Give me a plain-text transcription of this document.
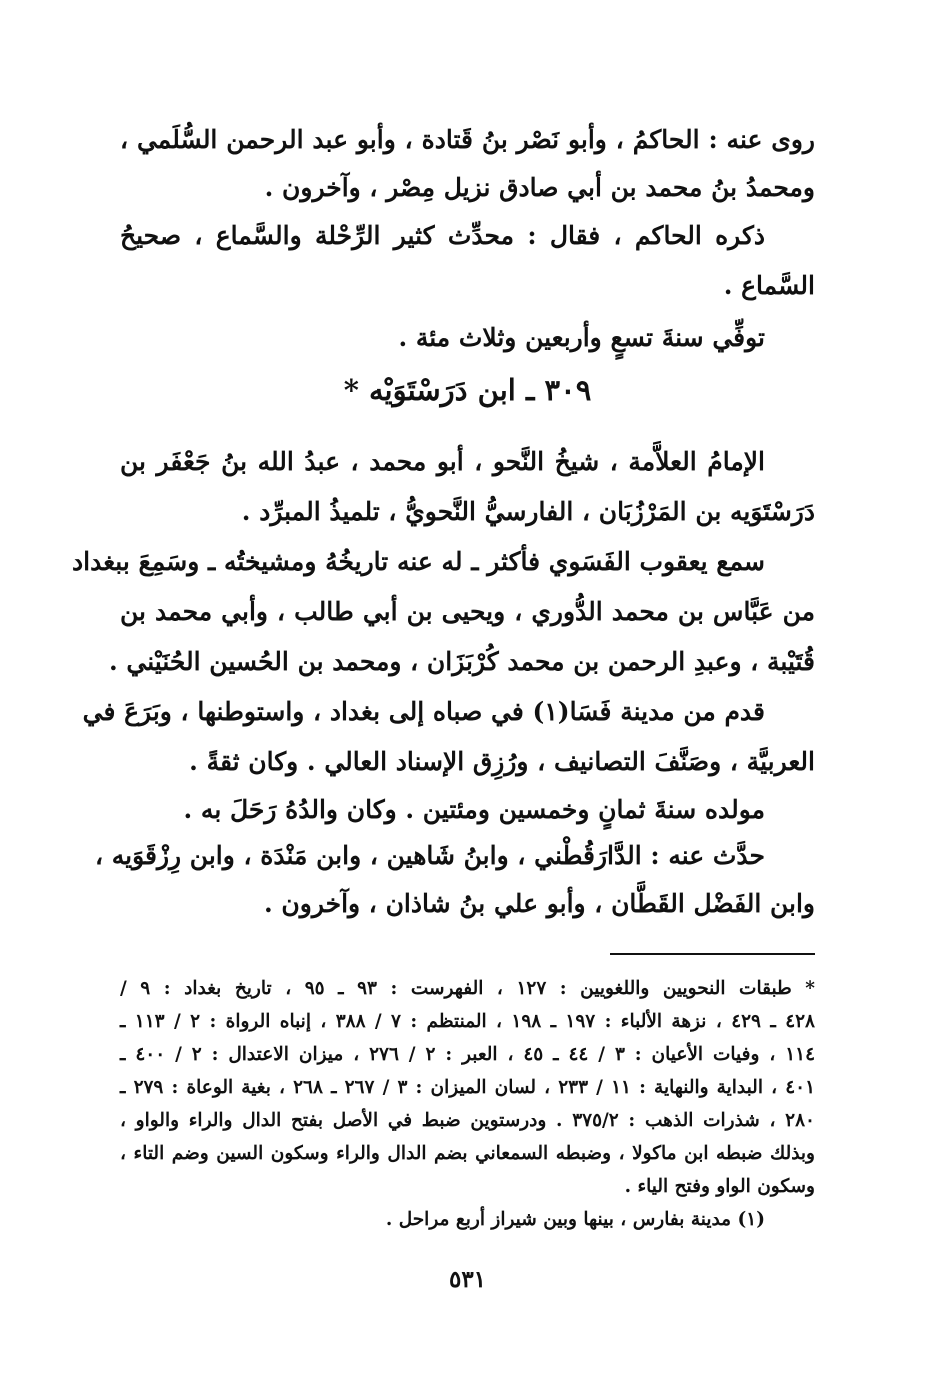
روى عنه : الحاكمُ ، وأبو نَصْر بنُ قَتادة ، وأبو عبد الرحمن السُّلَمي ،
ومحمدُ بنُ محمد بن أبي صادق نزيل مِصْر ، وآخرون .
ذكره الحاكم ، فقال : محدِّث كثير الرِّحْلة والسَّماع ، صحيحُ
السَّماع .
توفِّي سنةَ تسعٍ وأربعين وثلاث مئة .
٣٠٩ ـ ابن دَرَسْتَوَيْه *
الإمامُ العلاَّمة ، شيخُ النَّحو ، أبو محمد ، عبدُ الله بنُ جَعْفَر بن
دَرَسْتَوَيه بن المَرْزُبَان ، الفارسيُّ النَّحويُّ ، تلميذُ المبرِّد .
سمع يعقوب الفَسَوي فأكثر ـ له عنه تاريخُهُ ومشيختُه ـ وسَمِعَ ببغداد
من عَبَّاس بن محمد الدُّوري ، ويحيى بن أبي طالب ، وأبي محمد بن
قُتَيْبة ، وعبدِ الرحمن بن محمد كُرْبَزَان ، ومحمد بن الحُسين الحُنَيْني .
قدم من مدينة فَسَا(١) في صباه إلى بغداد ، واستوطنها ، وبَرَعَ في
العربيَّة ، وصَنَّفَ التصانيف ، ورُزِق الإسناد العالي . وكان ثقةً .
مولده سنةَ ثمانٍ وخمسين ومئتين . وكان والدُهُ رَحَلَ به .
حدَّث عنه : الدَّارَقُطْني ، وابنُ شَاهين ، وابن مَنْدَة ، وابن رِزْقَوَيه ،
وابن الفَضْل القَطَّان ، وأبو علي بنُ شاذان ، وآخرون .
* طبقات النحويين واللغويين : ١٢٧ ، الفهرست : ٩٣ ـ ٩٥ ، تاريخ بغداد : ٩ /
٤٢٨ ـ ٤٢٩ ، نزهة الألباء : ١٩٧ ـ ١٩٨ ، المنتظم : ٧ / ٣٨٨ ، إنباه الرواة : ٢ / ١١٣ ـ
١١٤ ، وفيات الأعيان : ٣ / ٤٤ ـ ٤٥ ، العبر : ٢ / ٢٧٦ ، ميزان الاعتدال : ٢ / ٤٠٠ ـ
٤٠١ ، البداية والنهاية : ١١ / ٢٣٣ ، لسان الميزان : ٣ / ٢٦٧ ـ ٢٦٨ ، بغية الوعاة : ٢٧٩ ـ
٢٨٠ ، شذرات الذهب : ٣٧٥/٢ . ودرستوين ضبط في الأصل بفتح الدال والراء والواو ،
وبذلك ضبطه ابن ماكولا ، وضبطه السمعاني بضم الدال والراء وسكون السين وضم التاء ،
وسكون الواو وفتح الياء .
(١) مدينة بفارس ، بينها وبين شيراز أربع مراحل .
٥٣١
